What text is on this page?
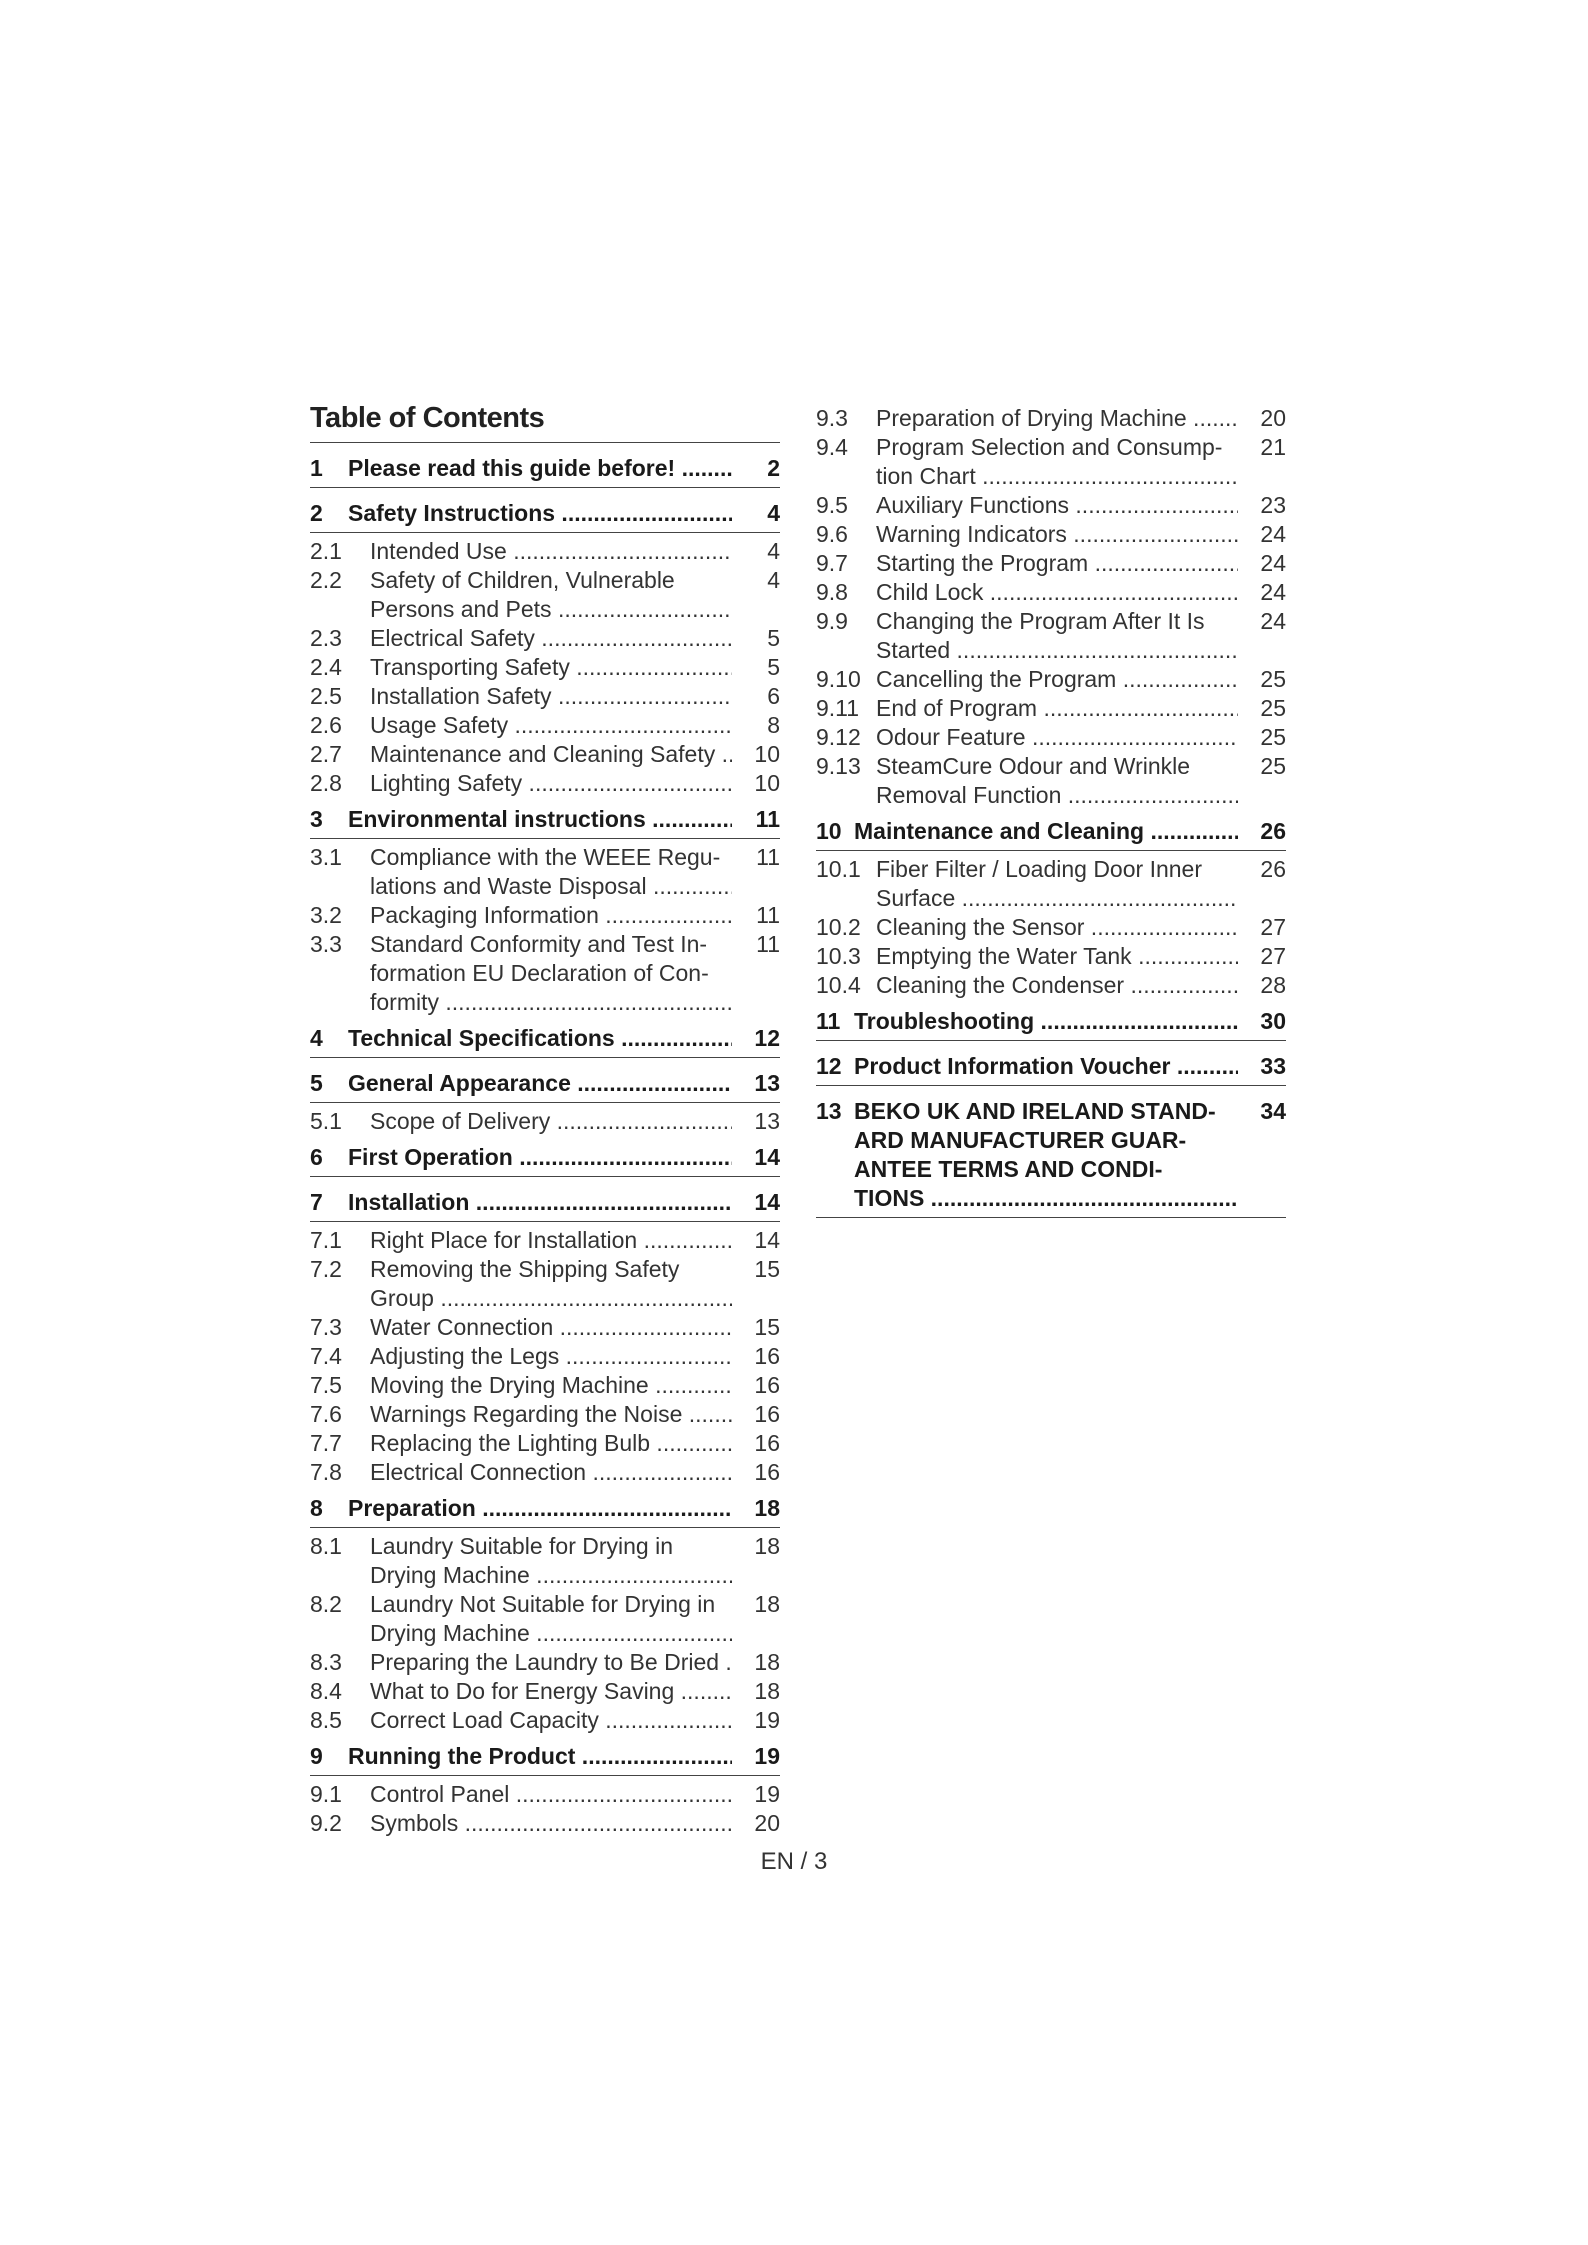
Table of Contents
1	Please read this guide before! .....	2
2	Safety Instructions .....	4
2.1	Intended Use .....	4
2.2	Safety of Children, Vulnerable
Persons and Pets .....
4
2.3	Electrical Safety .....	5
2.4	Transporting Safety .....	5
2.5	Installation Safety .....	6
2.6	Usage Safety .....	8
2.7	Maintenance and Cleaning Safety .....	10
2.8	Lighting Safety .....	10
3	Environmental instructions .....	11
3.1	Compliance with the WEEE Regu-
lations and Waste Disposal .....
11
3.2	Packaging Information .....	11
3.3	Standard Conformity and Test In-
formation EU Declaration of Con-
formity .....
11
4	Technical Specifications .....	12
5	General Appearance .....	13
5.1	Scope of Delivery .....	13
6	First Operation .....	14
7	Installation .....	14
7.1	Right Place for Installation .....	14
7.2	Removing the Shipping Safety
Group .....
15
7.3	Water Connection .....	15
7.4	Adjusting the Legs .....	16
7.5	Moving the Drying Machine .....	16
7.6	Warnings Regarding the Noise .....	16
7.7	Replacing the Lighting Bulb .....	16
7.8	Electrical Connection .....	16
8	Preparation .....	18
8.1	Laundry Suitable for Drying in
Drying Machine .....
18
8.2	Laundry Not Suitable for Drying in
Drying Machine .....
18
8.3	Preparing the Laundry to Be Dried .....	18
8.4	What to Do for Energy Saving .....	18
8.5	Correct Load Capacity .....	19
9	Running the Product .....	19
9.1	Control Panel .....	19
9.2	Symbols .....	20
9.3	Preparation of Drying Machine .....	20
9.4	Program Selection and Consump-
tion Chart .....
21
9.5	Auxiliary Functions .....	23
9.6	Warning Indicators .....	24
9.7	Starting the Program .....	24
9.8	Child Lock .....	24
9.9	Changing the Program After It Is
Started .....
24
9.10 Cancelling the Program .....	25
9.11 End of Program .....	25
9.12 Odour Feature .....	25
9.13 SteamCure Odour and Wrinkle
Removal Function .....
25
10 Maintenance and Cleaning .....	26
10.1 Fiber Filter / Loading Door Inner
Surface .....
26
10.2 Cleaning the Sensor .....	27
10.3 Emptying the Water Tank .....	27
10.4 Cleaning the Condenser .....	28
11 Troubleshooting .....	30
12 Product Information Voucher .....	33
13 BEKO UK AND IRELAND STAND-
ARD MANUFACTURER GUAR-
ANTEE TERMS AND CONDI-
TIONS .....
34
EN / 3
